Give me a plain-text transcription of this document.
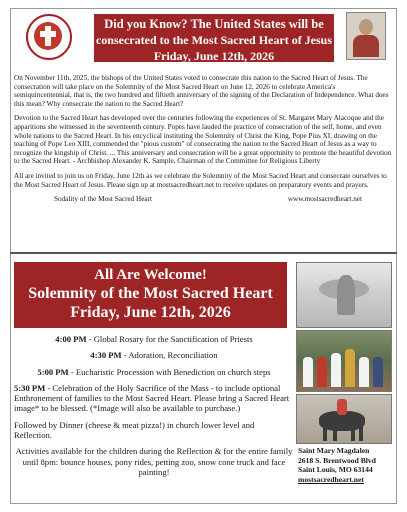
Did you Know? The United States will be
consecrated to the Most Sacred Heart of Jesus
Friday, June 12th, 2026

On November 11th, 2025, the bishops of the United States voted to consecrate this nation to the Sacred Heart of Jesus. The consecration will take place on the Solemnity of the Most Sacred Heart on June 12, 2026 to celebrate America's semiquincentennial, that is, the two hundred and fiftieth anniversary of the signing of the Declaration of Independence. What does this mean? Why consecrate the nation to the Sacred Heart?

Devotion to the Sacred Heart has developed over the centuries following the experiences of St. Margaret Mary Alacoque and the apparitions she witnessed in the seventeenth century. Popes have lauded the practice of consecration of the self, home, and even whole nations to the Sacred Heart. In his encyclical instituting the Solemnity of Christ the King, Pope Pius XI, drawing on the teaching of Pope Leo XIII, commended the "pious custom" of consecrating the nation to the Sacred Heart of Jesus as a way to recognize the kingship of Christ. ... This anniversary and consecration will be a great opportunity to promote the beautiful devotion to the Sacred Heart. - Archbishop Alexander K. Sample, Chairman of the Committee for Religious Liberty

All are invited to join us on Friday, June 12th as we celebrate the Solemnity of the Most Sacred Heart and consecrate ourselves to the Most Sacred Heart of Jesus. Please sign up at mostsacredheart.net to receive updates on preparatory events and prayers.

Sodality of the Most Sacred Heart	www.mostsacredheart.net
All Are Welcome!
Solemnity of the Most Sacred Heart
Friday, June 12th, 2026
4:00 PM - Global Rosary for the Sanctification of Priests
4:30 PM - Adoration, Reconciliation
5:00 PM - Eucharistic Procession with Benediction on church steps
5:30 PM - Celebration of the Holy Sacrifice of the Mass - to include optional Enthronement of families to the Most Sacred Heart. Please bring a Sacred Heart image* to be blessed. (*Image will also be available to purchase.)
Followed by Dinner (cheese & meat pizza!) in church lower level and Reflection.
Activities available for the children during the Reflection & for the entire family until 8pm: bounce houses, pony rides, petting zoo, snow cone truck and face painting!
Saint Mary Magdalen
2618 S. Brentwood Blvd
Saint Louis, MO 63144
mostsacredheart.net
